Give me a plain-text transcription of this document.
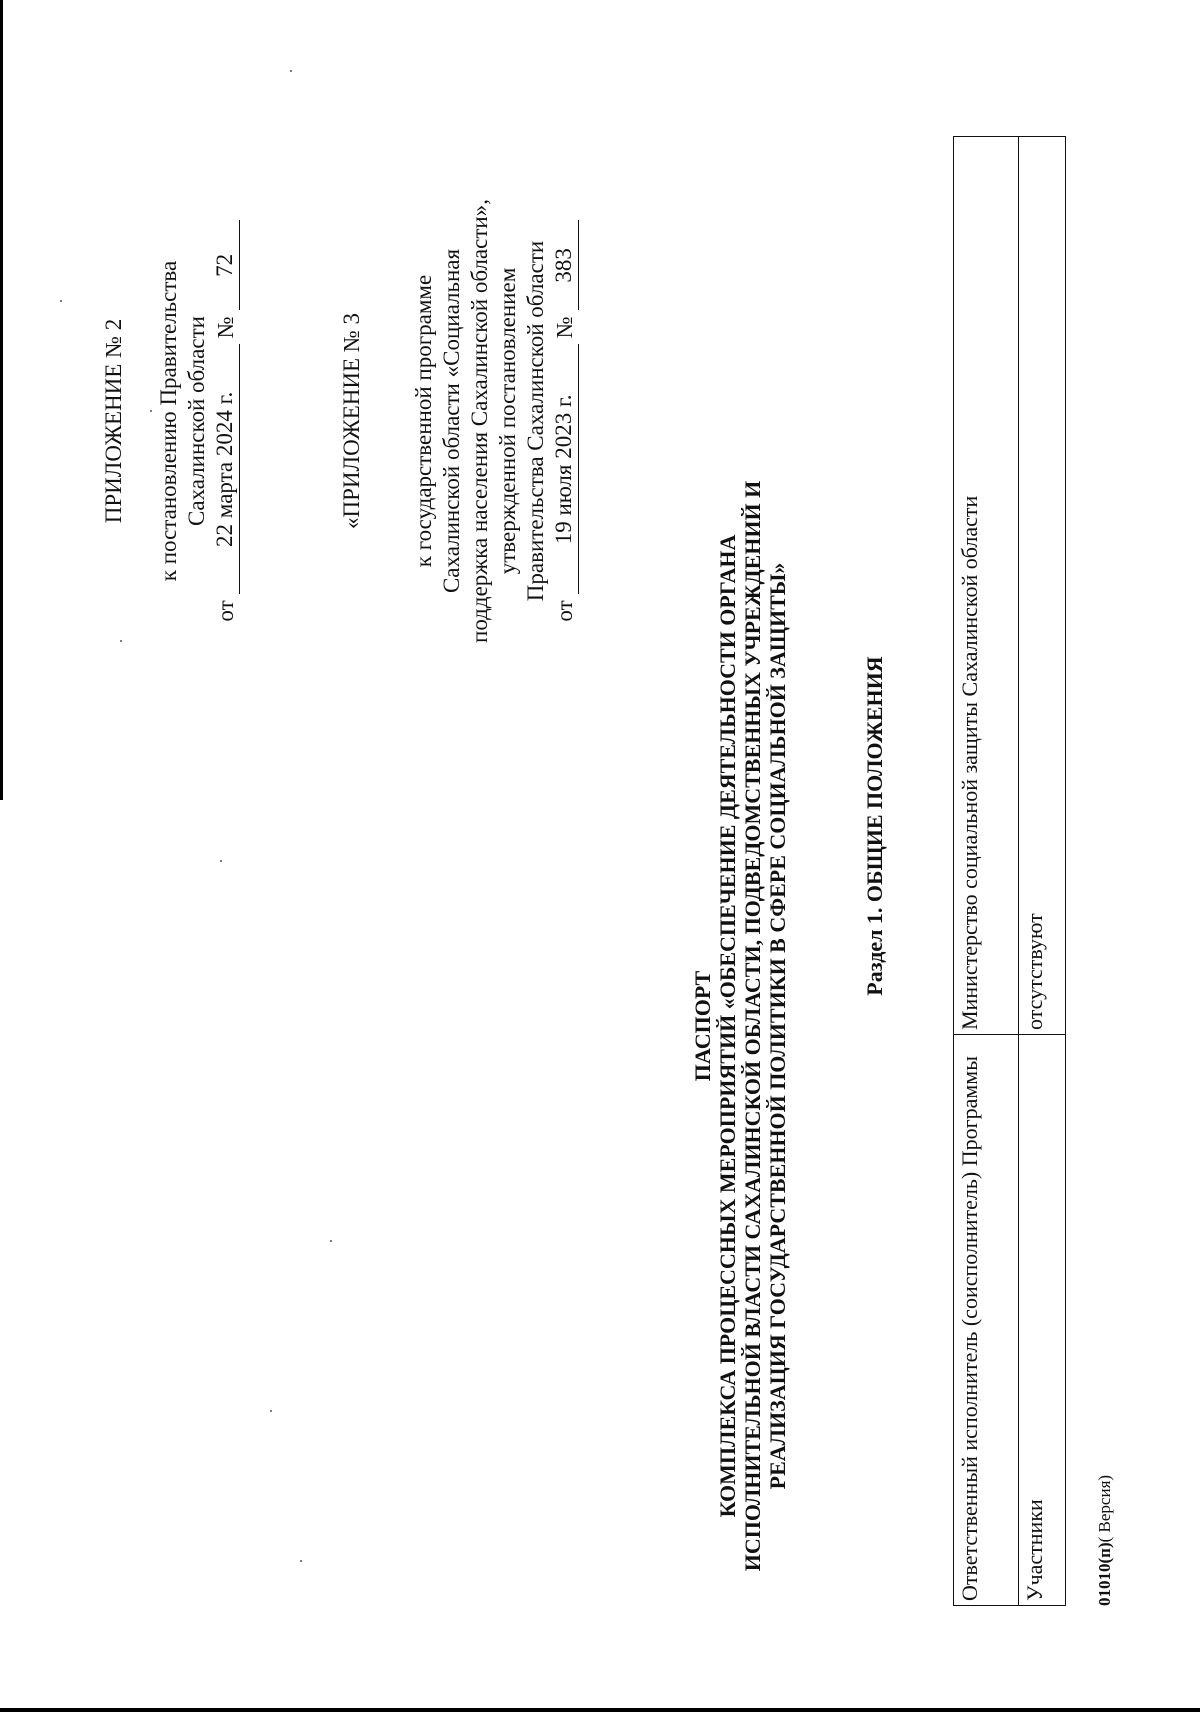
ПРИЛОЖЕНИЕ № 2 к постановлению Правительства Сахалинской области
от
22 марта 2024 г.
№
72
«ПРИЛОЖЕНИЕ № 3 к государственной программе Сахалинской области «Социальная поддержка населения Сахалинской области», утвержденной постановлением Правительства Сахалинской области
от
19 июля 2023 г.
№
383
ПАСПОРТ КОМПЛЕКСА ПРОЦЕССНЫХ МЕРОПРИЯТИЙ «ОБЕСПЕЧЕНИЕ ДЕЯТЕЛЬНОСТИ ОРГАНА ИСПОЛНИТЕЛЬНОЙ ВЛАСТИ САХАЛИНСКОЙ ОБЛАСТИ, ПОДВЕДОМСТВЕННЫХ УЧРЕЖДЕНИЙ И РЕАЛИЗАЦИЯ ГОСУДАРСТВЕННОЙ ПОЛИТИКИ В СФЕРЕ СОЦИАЛЬНОЙ ЗАЩИТЫ»	Раздел 1. ОБЩИЕ ПОЛОЖЕНИЯ
Ответственный исполнитель (соисполнитель) Программы	Министерство социальной защиты Сахалинской области
Участники	отсутствуют
01010(п)( Версия)
